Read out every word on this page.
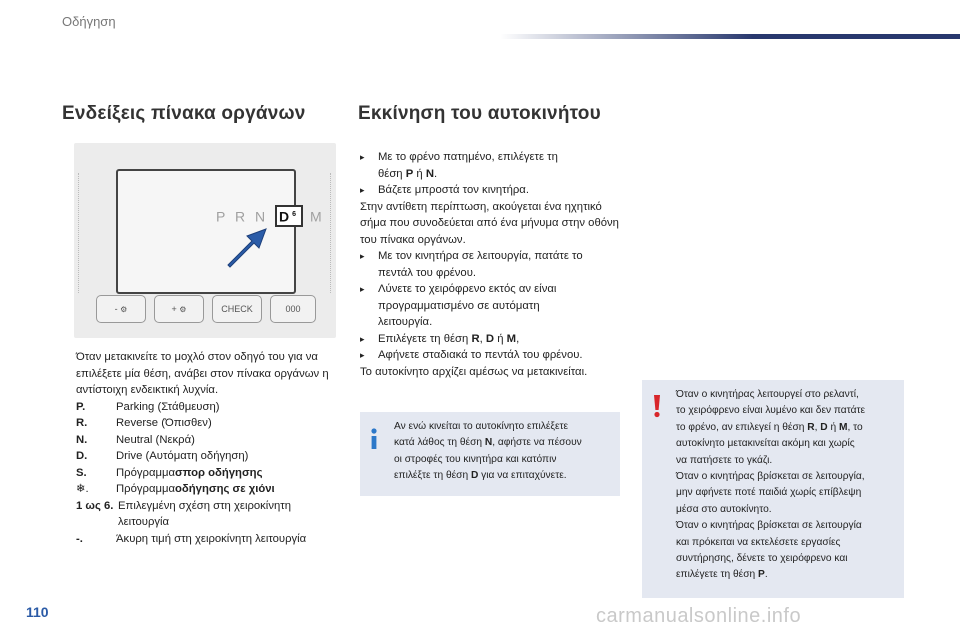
Οδήγηση
Ενδείξεις πίνακα οργάνων
P R N $D^6$ M
-
⚙	+
⚙	CHECK	000
Όταν μετακινείτε το μοχλό στον οδηγό του για να επιλέξετε μία θέση, ανάβει στον πίνακα οργάνων η αντίστοιχη ενδεικτική λυχνία.
P.	Parking (Στάθμευση)
R.	Reverse (Όπισθεν)
N.	Neutral (Νεκρά)
D.	Drive (Αυτόματη οδήγηση)
S.	Πρόγραμμα σπορ οδήγησης
❄.	Πρόγραμμα οδήγησης σε χιόνι
1 ως 6. Επιλεγμένη σχέση στη χειροκίνητη
λειτουργία
-.	Άκυρη τιμή στη χειροκίνητη λειτουργία
Εκκίνηση του αυτοκινήτου
▸	Με το φρένο πατημένο, επιλέγετε τη
θέση P ή N.
▸	Βάζετε μπροστά τον κινητήρα.
Στην αντίθετη περίπτωση, ακούγεται ένα ηχητικό σήμα που συνοδεύεται από ένα μήνυμα στην οθόνη του πίνακα οργάνων.
▸	Με τον κινητήρα σε λειτουργία, πατάτε το
πεντάλ του φρένου.
▸	Λύνετε το χειρόφρενο εκτός αν είναι
προγραμματισμένο σε αυτόματη
λειτουργία.
▸	Επιλέγετε τη θέση R, D ή M,
▸	Αφήνετε σταδιακά το πεντάλ του φρένου.
Το αυτοκίνητο αρχίζει αμέσως να μετακινείται.
Αν ενώ κινείται το αυτοκίνητο επιλέξετε
κατά λάθος τη θέση N, αφήστε να πέσουν
οι στροφές του κινητήρα και κατόπιν
επιλέξτε τη θέση D για να επιταχύνετε.
Όταν ο κινητήρας λειτουργεί στο ρελαντί,
το χειρόφρενο είναι λυμένο και δεν πατάτε
το φρένο, αν επιλεγεί η θέση R, D ή M, το
αυτοκίνητο μετακινείται ακόμη και χωρίς
να πατήσετε το γκάζι.
Όταν ο κινητήρας βρίσκεται σε λειτουργία,
μην αφήνετε ποτέ παιδιά χωρίς επίβλεψη
μέσα στο αυτοκίνητο.
Όταν ο κινητήρας βρίσκεται σε λειτουργία
και πρόκειται να εκτελέσετε εργασίες
συντήρησης, δένετε το χειρόφρενο και
επιλέγετε τη θέση P.
110	carmanualsonline.info
